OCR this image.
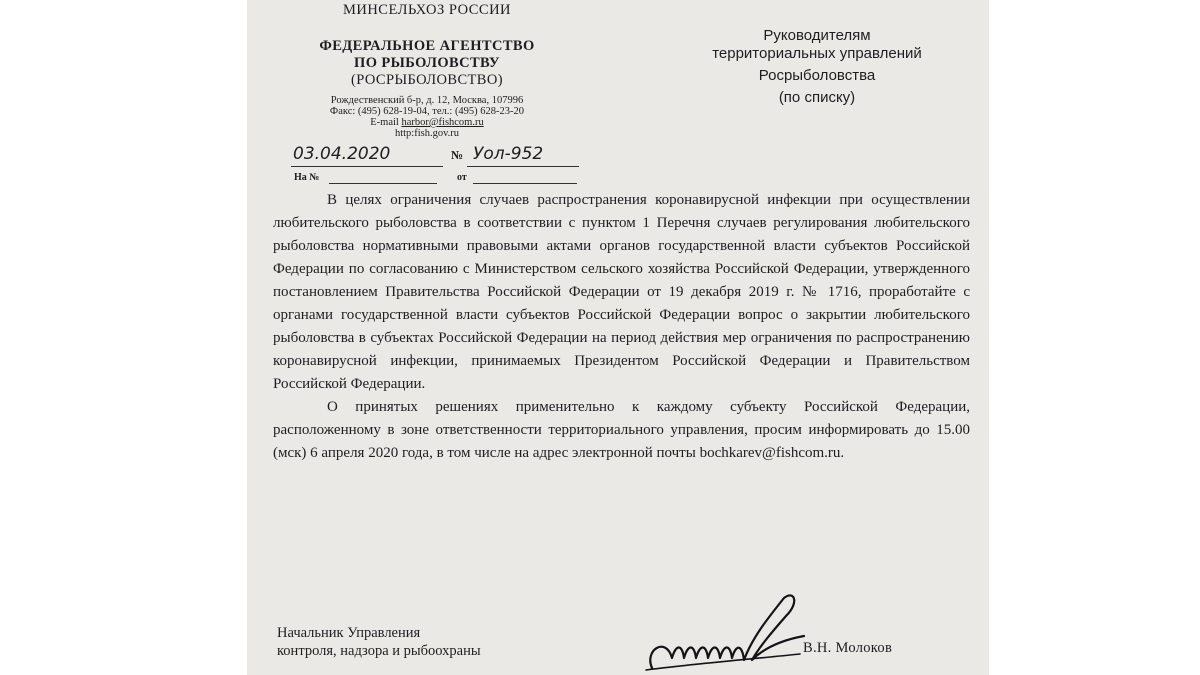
МИНСЕЛЬХОЗ РОССИИ
ФЕДЕРАЛЬНОЕ АГЕНТСТВО
ПО РЫБОЛОВСТВУ
(РОСРЫБОЛОВСТВО)
Рождественский б-р, д. 12, Москва, 107996
Факс: (495) 628-19-04, тел.: (495) 628-23-20
E-mail harbor@fishcom.ru
http:fish.gov.ru
Руководителям
территориальных управлений
Росрыболовства
(по списку)
03.04.2020	№ Уол-952
На №	от

В целях ограничения случаев распространения коронавирусной инфекции при осуществлении любительского рыболовства в соответствии с пунктом 1 Перечня случаев регулирования любительского рыболовства нормативными правовыми актами органов государственной власти субъектов Российской Федерации по согласованию с Министерством сельского хозяйства Российской Федерации, утвержденного постановлением Правительства Российской Федерации от 19 декабря 2019 г. № 1716, проработайте с органами государственной власти субъектов Российской Федерации вопрос о закрытии любительского рыболовства в субъектах Российской Федерации на период действия мер ограничения по распространению коронавирусной инфекции, принимаемых Президентом Российской Федерации и Правительством Российской Федерации.

О принятых решениях применительно к каждому субъекту Российской Федерации, расположенному в зоне ответственности территориального управления, просим информировать до 15.00 (мск) 6 апреля 2020 года, в том числе на адрес электронной почты bochkarev@fishcom.ru.

Начальник Управления
контроля, надзора и рыбоохраны	В.Н. Молоков
